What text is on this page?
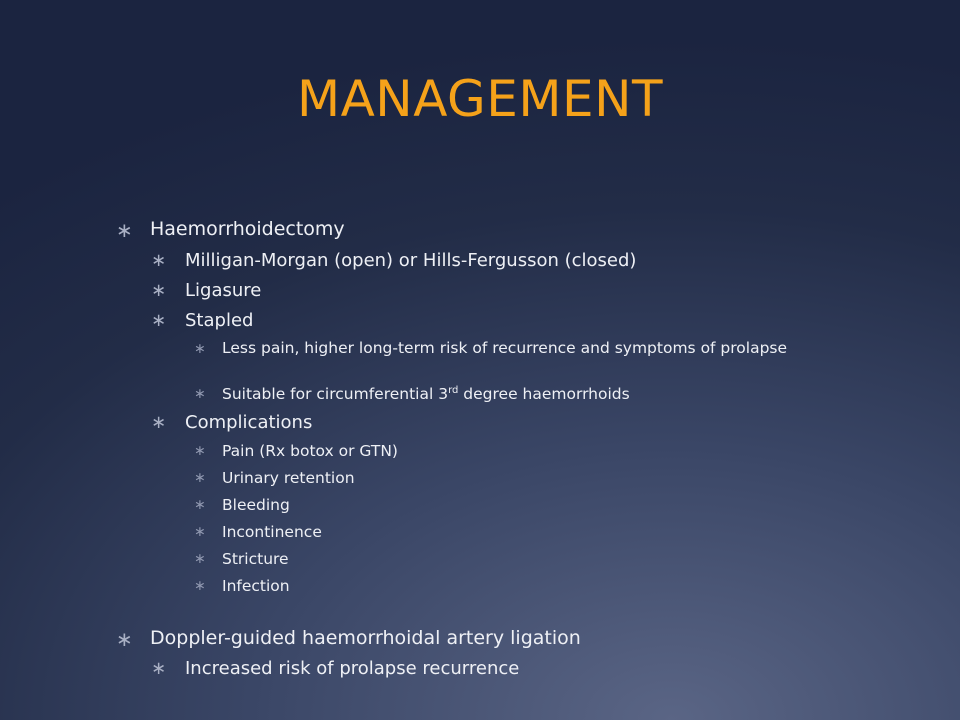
MANAGEMENT
∗ Haemorrhoidectomy
∗ Milligan-Morgan (open) or Hills-Fergusson (closed)
∗ Ligasure
∗ Stapled
∗ Less pain, higher long-term risk of recurrence and symptoms of prolapse
∗ Suitable for circumferential 3rd degree haemorrhoids
∗ Complications
∗ Pain (Rx botox or GTN)
∗ Urinary retention
∗ Bleeding
∗ Incontinence
∗ Stricture
∗ Infection
∗ Doppler-guided haemorrhoidal artery ligation
∗ Increased risk of prolapse recurrence
